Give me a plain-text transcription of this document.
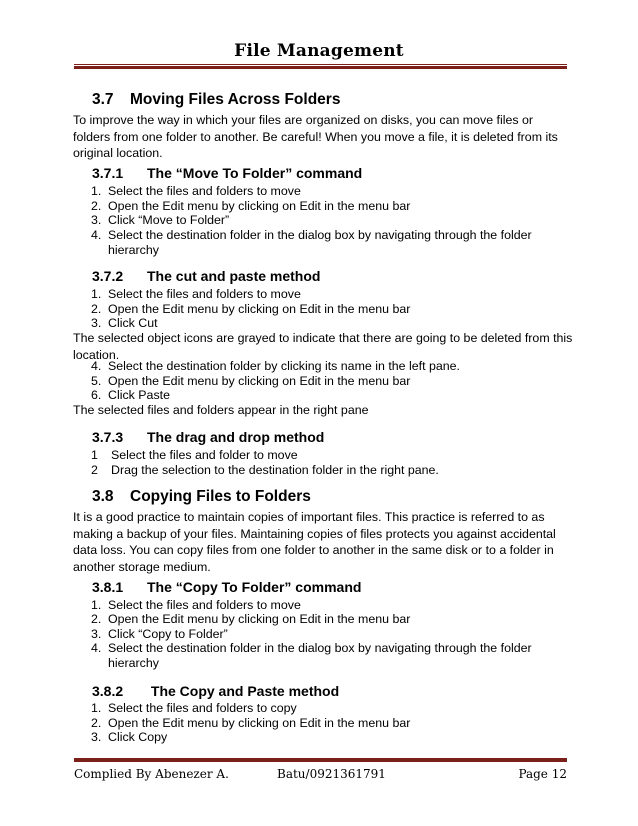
File Management
3.7 Moving Files Across Folders
To improve the way in which your files are organized on disks, you can move files or folders from one folder to another. Be careful! When you move a file, it is deleted from its original location.
3.7.1 The “Move To Folder” command
1. Select the files and folders to move
2. Open the Edit menu by clicking on Edit in the menu bar
3. Click “Move to Folder”
4. Select the destination folder in the dialog box by navigating through the folder hierarchy
3.7.2 The cut and paste method
1. Select the files and folders to move
2. Open the Edit menu by clicking on Edit in the menu bar
3. Click Cut
The selected object icons are grayed to indicate that there are going to be deleted from this location.
4. Select the destination folder by clicking its name in the left pane.
5. Open the Edit menu by clicking on Edit in the menu bar
6. Click Paste
The selected files and folders appear in the right pane
3.7.3 The drag and drop method
1 Select the files and folder to move
2 Drag the selection to the destination folder in the right pane.
3.8 Copying Files to Folders
It is a good practice to maintain copies of important files. This practice is referred to as making a backup of your files. Maintaining copies of files protects you against accidental data loss. You can copy files from one folder to another in the same disk or to a folder in another storage medium.
3.8.1 The “Copy To Folder” command
1. Select the files and folders to move
2. Open the Edit menu by clicking on Edit in the menu bar
3. Click “Copy to Folder”
4. Select the destination folder in the dialog box by navigating through the folder hierarchy
3.8.2 The Copy and Paste method
1. Select the files and folders to copy
2. Open the Edit menu by clicking on Edit in the menu bar
3. Click Copy
Complied By Abenezer A.	Batu/0921361791	Page 12
